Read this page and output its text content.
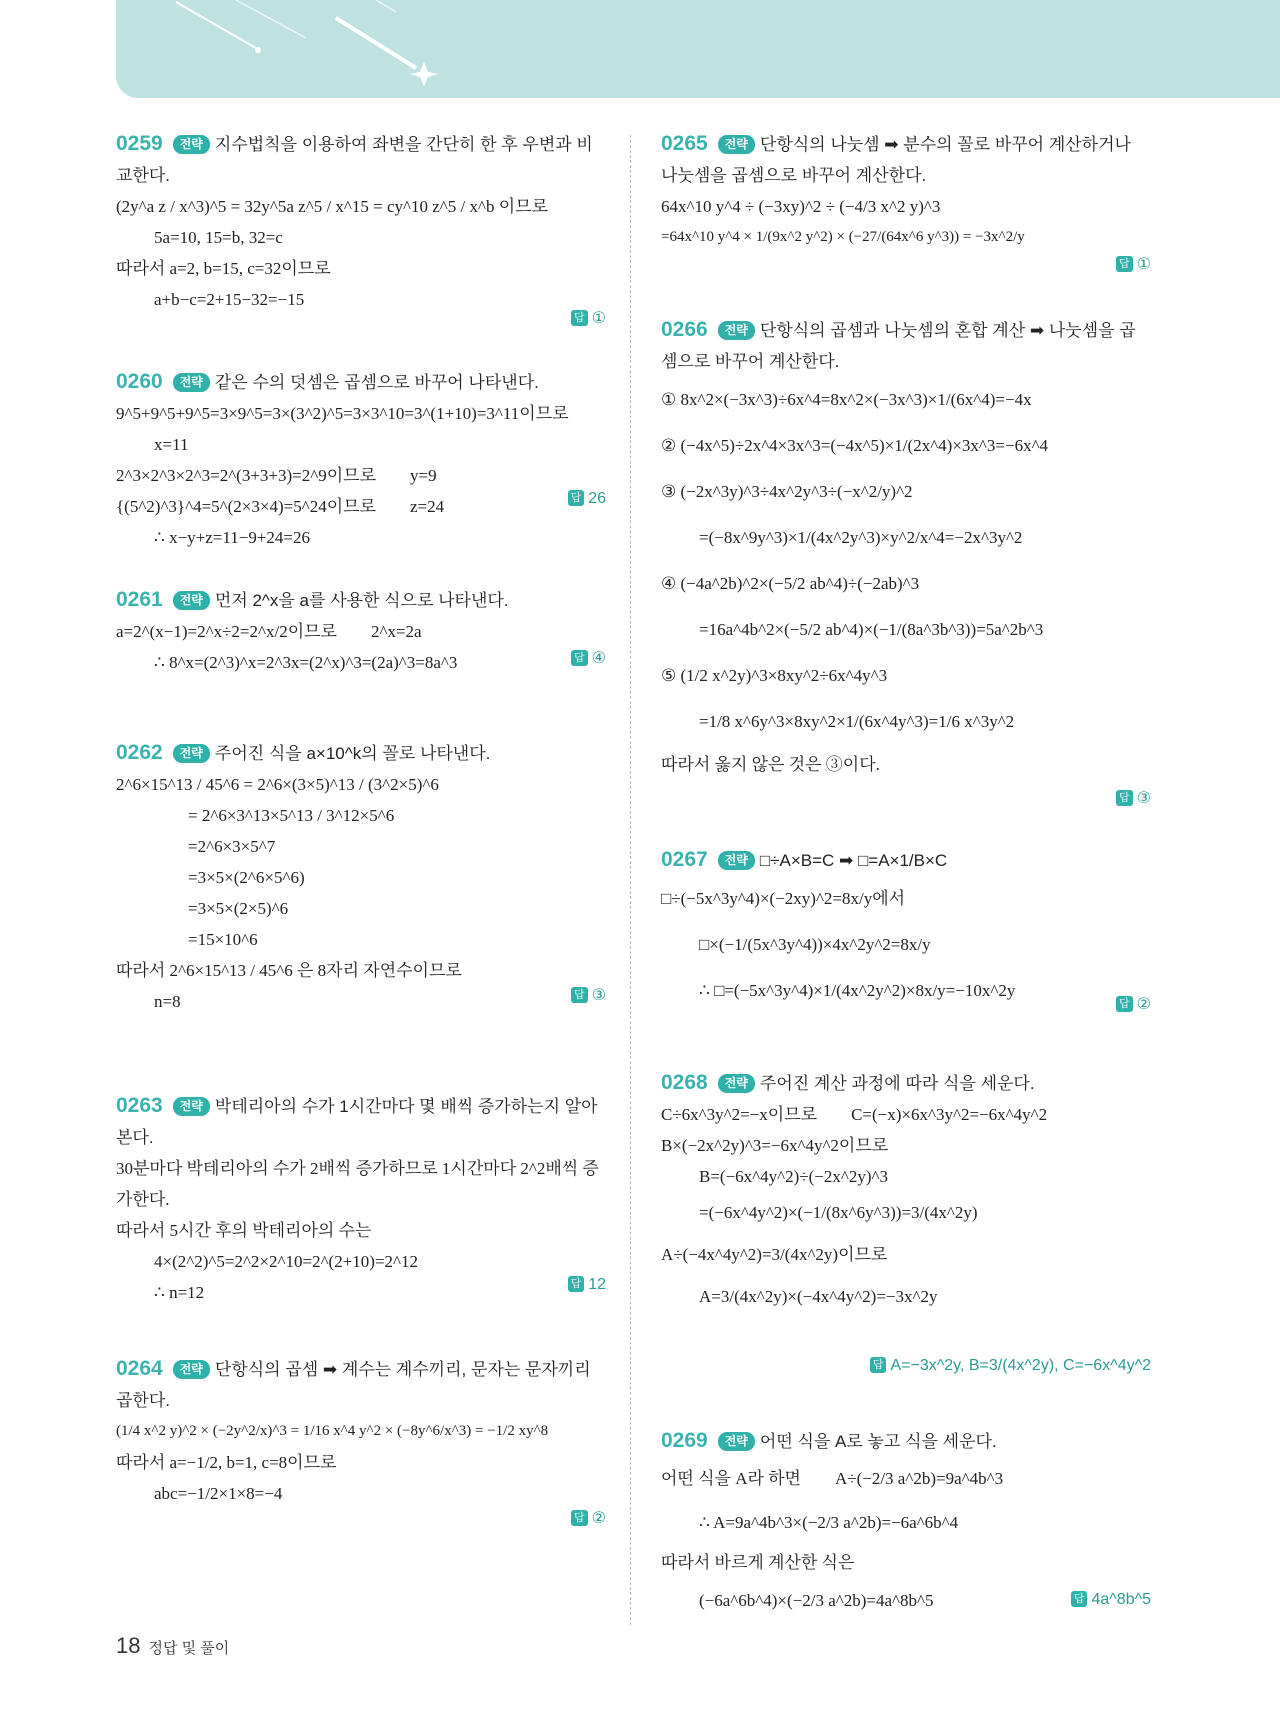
0259 전략 지수법칙을 이용하여 좌변을 간단히 한 후 우변과 비교한다.
(2y^a z / x^3)^5 = 32y^5a z^5 / x^15 = cy^10 z^5 / x^b 이므로
5a=10, 15=b, 32=c
따라서 a=2, b=15, c=32이므로
a+b−c=2+15−32=−15
답 ①
0260 전략 같은 수의 덧셈은 곱셈으로 바꾸어 나타낸다.
9^5+9^5+9^5=3×9^5=3×(3^2)^5=3×3^10=3^(1+10)=3^11이므로
x=11
2^3×2^3×2^3=2^(3+3+3)=2^9이므로　　y=9
{(5^2)^3}^4=5^(2×3×4)=5^24이므로　　z=24
∴ x−y+z=11−9+24=26
답 26
0261 전략 먼저 2^x을 a를 사용한 식으로 나타낸다.
a=2^(x−1)=2^x÷2=2^x/2이므로　　2^x=2a
∴ 8^x=(2^3)^x=2^3x=(2^x)^3=(2a)^3=8a^3	답 ④
0262 전략 주어진 식을 a×10^k의 꼴로 나타낸다.
2^6×15^13 / 45^6 = 2^6×(3×5)^13 / (3^2×5)^6
= 2^6×3^13×5^13 / 3^12×5^6
=2^6×3×5^7
=3×5×(2^6×5^6)
=3×5×(2×5)^6
=15×10^6
따라서 2^6×15^13 / 45^6 은 8자리 자연수이므로
n=8	답 ③
0263 전략 박테리아의 수가 1시간마다 몇 배씩 증가하는지 알아본다.
30분마다 박테리아의 수가 2배씩 증가하므로 1시간마다 2^2배씩 증가한다.
따라서 5시간 후의 박테리아의 수는
4×(2^2)^5=2^2×2^10=2^(2+10)=2^12
∴ n=12	답 12
0264 전략 단항식의 곱셈 ➡ 계수는 계수끼리, 문자는 문자끼리 곱한다.
(1/4 x^2 y)^2 × (−2y^2/x)^3 = 1/16 x^4 y^2 × (−8y^6/x^3) = −1/2 xy^8
따라서 a=−1/2, b=1, c=8이므로
abc=−1/2×1×8=−4
답 ②
0265 전략 단항식의 나눗셈 ➡ 분수의 꼴로 바꾸어 계산하거나 나눗셈을 곱셈으로 바꾸어 계산한다.
64x^10 y^4 ÷ (−3xy)^2 ÷ (−4/3 x^2 y)^3
=64x^10 y^4 × 1/(9x^2 y^2) × (−27/(64x^6 y^3)) = −3x^2/y
답 ①
0266 전략 단항식의 곱셈과 나눗셈의 혼합 계산 ➡ 나눗셈을 곱셈으로 바꾸어 계산한다.
① 8x^2×(−3x^3)÷6x^4=8x^2×(−3x^3)×1/(6x^4)=−4x
② (−4x^5)÷2x^4×3x^3=(−4x^5)×1/(2x^4)×3x^3=−6x^4
③ (−2x^3y)^3÷4x^2y^3÷(−x^2/y)^2
=(−8x^9y^3)×1/(4x^2y^3)×y^2/x^4=−2x^3y^2
④ (−4a^2b)^2×(−5/2 ab^4)÷(−2ab)^3
=16a^4b^2×(−5/2 ab^4)×(−1/(8a^3b^3))=5a^2b^3
⑤ (1/2 x^2y)^3×8xy^2÷6x^4y^3
=1/8 x^6y^3×8xy^2×1/(6x^4y^3)=1/6 x^3y^2
따라서 옳지 않은 것은 ③이다.
답 ③
0267 전략 □÷A×B=C ➡ □=A×1/B×C
□÷(−5x^3y^4)×(−2xy)^2=8x/y에서
□×(−1/(5x^3y^4))×4x^2y^2=8x/y
∴ □=(−5x^3y^4)×1/(4x^2y^2)×8x/y=−10x^2y
답 ②
0268 전략 주어진 계산 과정에 따라 식을 세운다.
C÷6x^3y^2=−x이므로　　C=(−x)×6x^3y^2=−6x^4y^2
B×(−2x^2y)^3=−6x^4y^2이므로
B=(−6x^4y^2)÷(−2x^2y)^3
=(−6x^4y^2)×(−1/(8x^6y^3))=3/(4x^2y)
A÷(−4x^4y^2)=3/(4x^2y)이므로
A=3/(4x^2y)×(−4x^4y^2)=−3x^2y
답 A=−3x^2y, B=3/(4x^2y), C=−6x^4y^2
0269 전략 어떤 식을 A로 놓고 식을 세운다.
어떤 식을 A라 하면　　A÷(−2/3 a^2b)=9a^4b^3
∴ A=9a^4b^3×(−2/3 a^2b)=−6a^6b^4
따라서 바르게 계산한 식은
(−6a^6b^4)×(−2/3 a^2b)=4a^8b^5	답 4a^8b^5
18 정답 및 풀이
